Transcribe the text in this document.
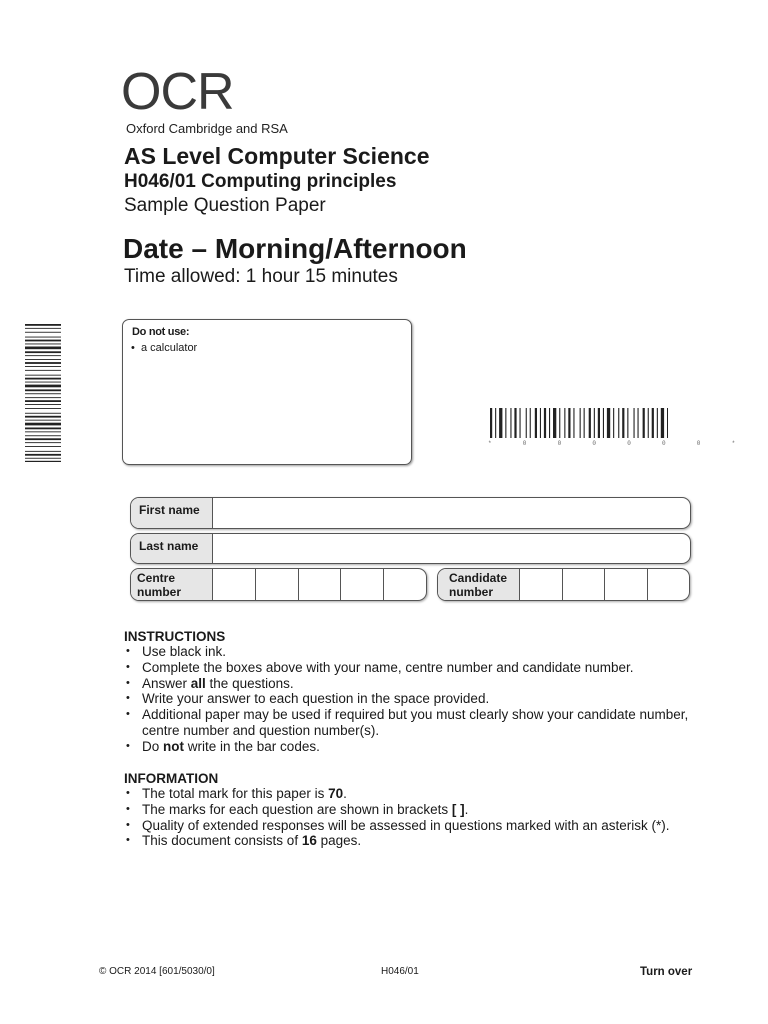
OCR
Oxford Cambridge and RSA
AS Level Computer Science
H046/01 Computing principles
Sample Question Paper
Date – Morning/Afternoon
Time allowed: 1 hour 15 minutes
Do not use:
•  a calculator
* 0 0 0 0 0 0 *
First name
Last name
Centre
number
Candidate
number
INSTRUCTIONS
• Use black ink.
• Complete the boxes above with your name, centre number and candidate number.
• Answer all the questions.
• Write your answer to each question in the space provided.
• Additional paper may be used if required but you must clearly show your candidate number, centre number and question number(s).
• Do not write in the bar codes.
INFORMATION
• The total mark for this paper is 70.
• The marks for each question are shown in brackets [ ].
• Quality of extended responses will be assessed in questions marked with an asterisk (*).
• This document consists of 16 pages.
© OCR 2014 [601/5030/0]	H046/01	Turn over
